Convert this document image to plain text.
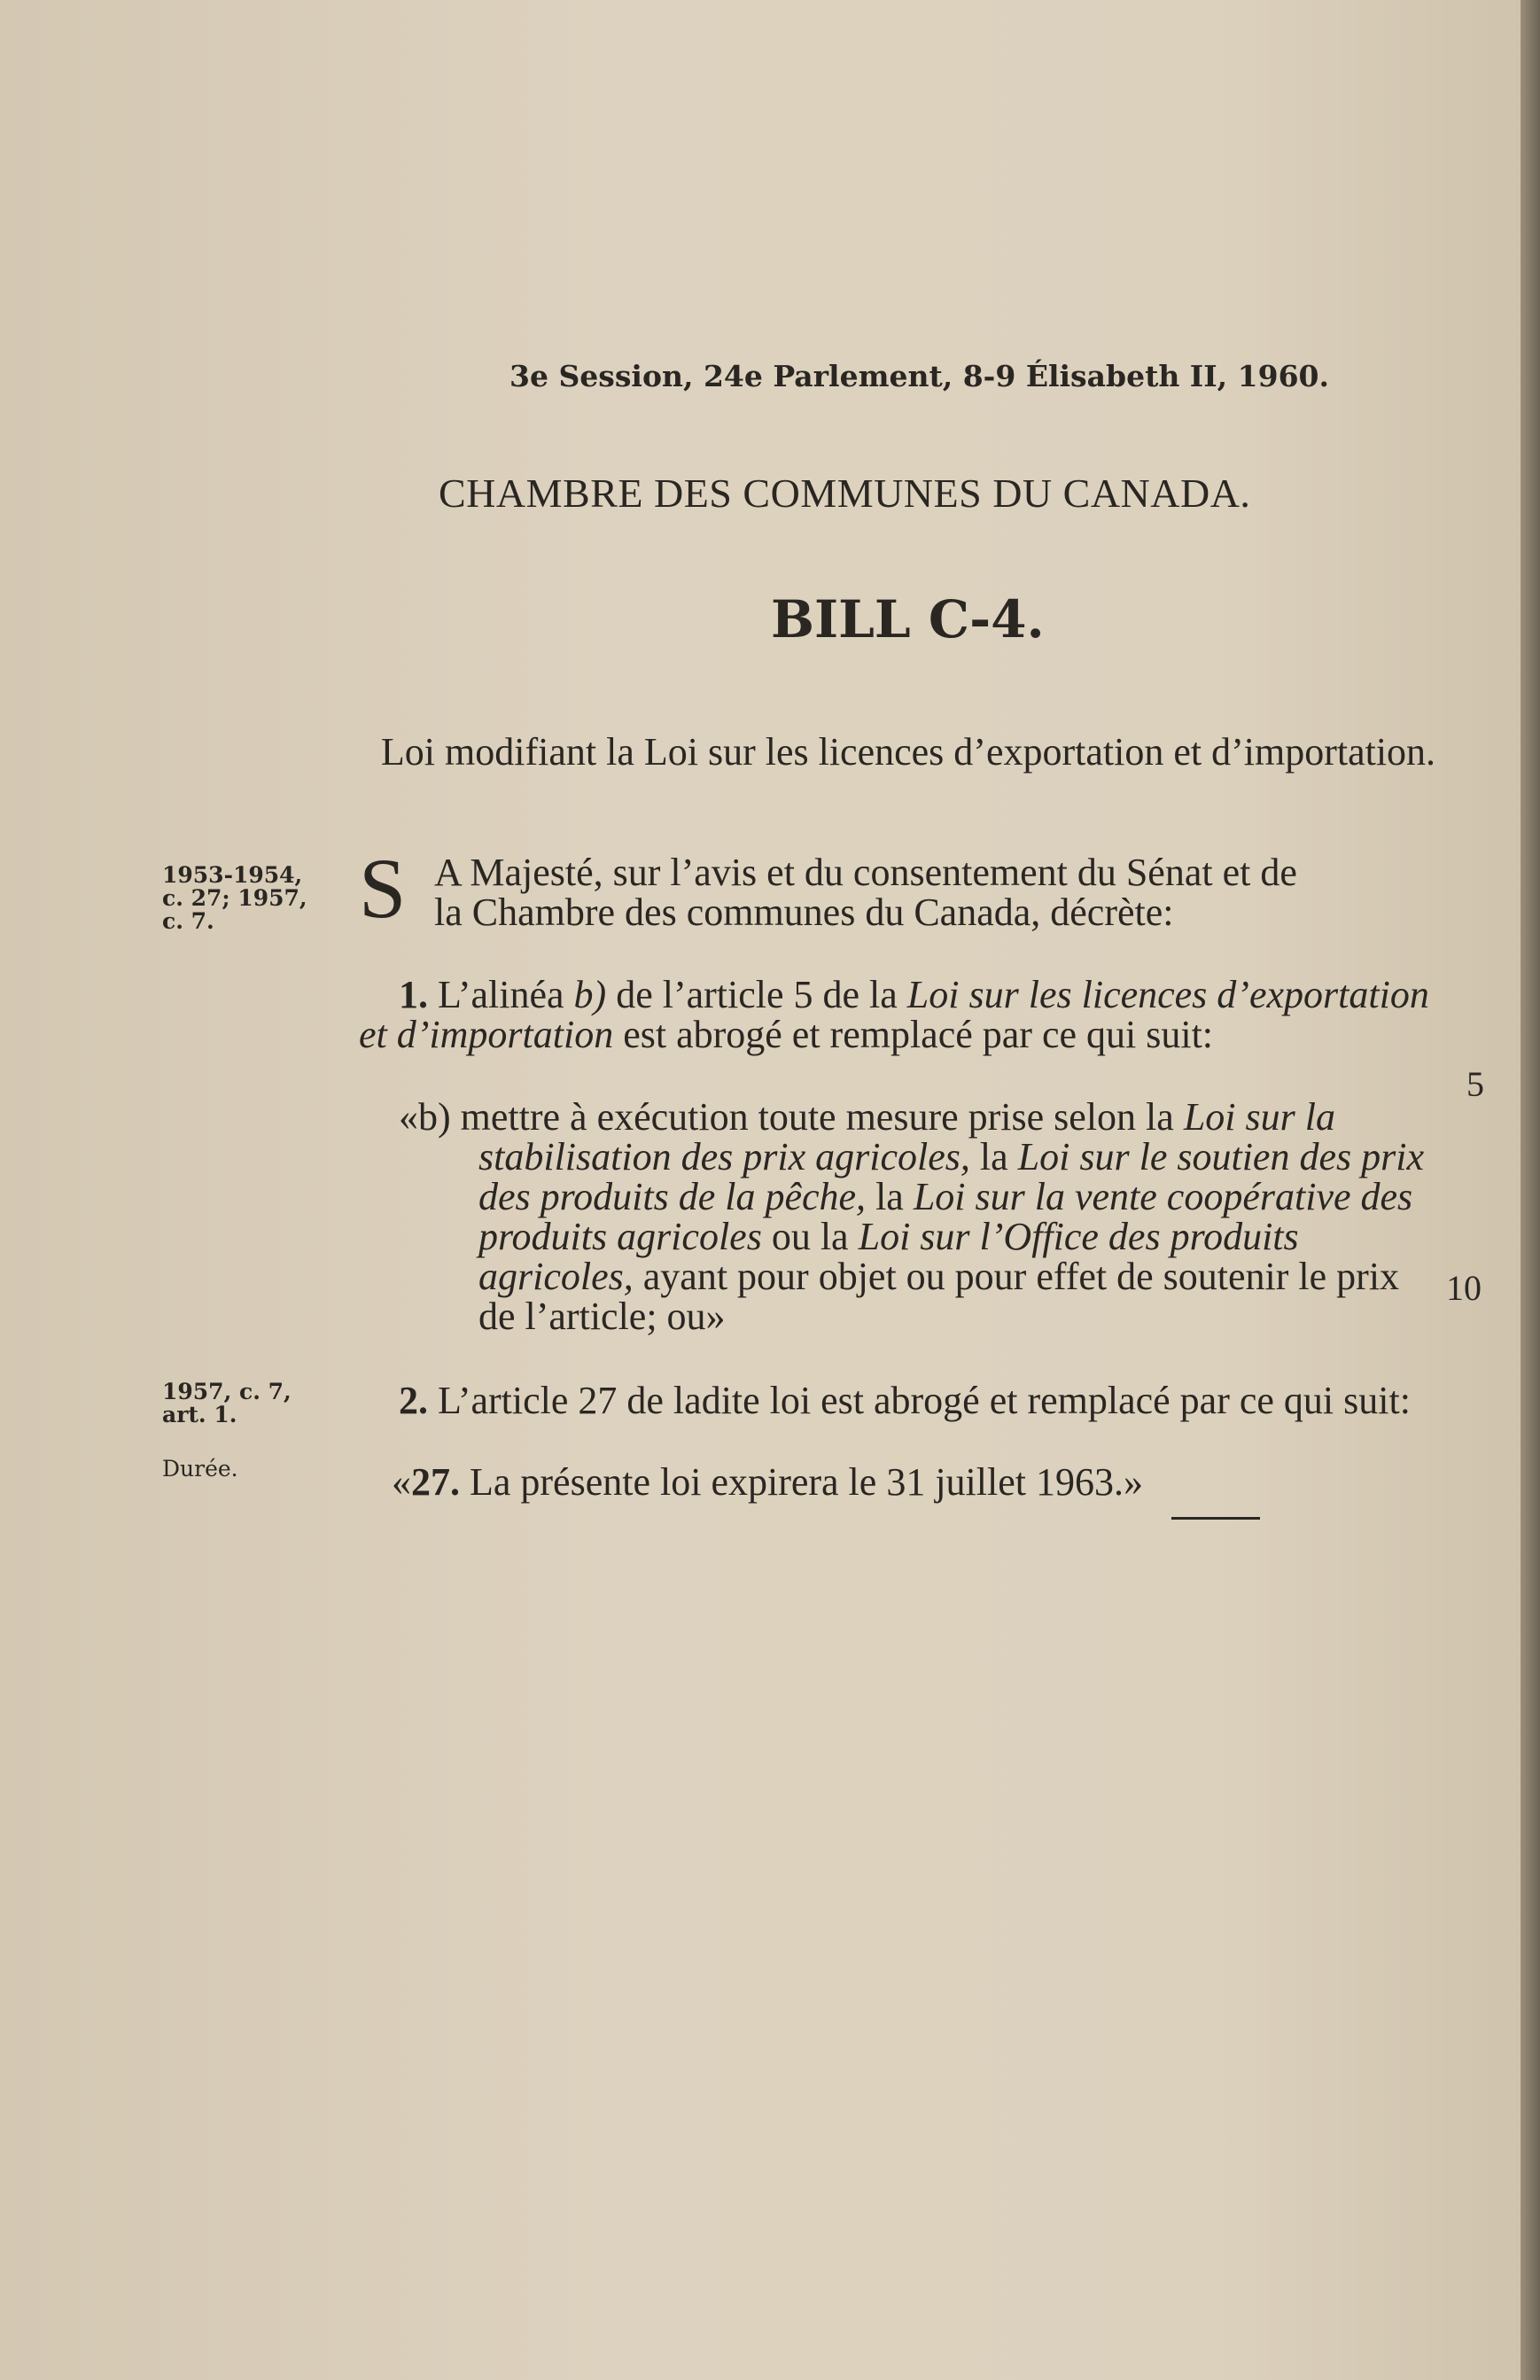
3e Session, 24e Parlement, 8-9 Élisabeth II, 1960.
CHAMBRE DES COMMUNES DU CANADA.
BILL C-4.
Loi modifiant la Loi sur les licences d’exportation et d’importation.
1953-1954, c. 27; 1957, c. 7.
1957, c. 7, art. 1.
Durée.
S A Majesté, sur l’avis et du consentement du Sénat et de
la Chambre des communes du Canada, décrète:
1. L’alinéa b) de l’article 5 de la Loi sur les licences d’exportation et d’importation est abrogé et remplacé par ce qui suit:
«b) mettre à exécution toute mesure prise selon la Loi sur la stabilisation des prix agricoles, la Loi sur le soutien des prix des produits de la pêche, la Loi sur la vente coopérative des produits agricoles ou la Loi sur l’Office des produits agricoles, ayant pour objet ou pour effet de soutenir le prix de l’article; ou»
2. L’article 27 de ladite loi est abrogé et remplacé par ce qui suit:
«27. La présente loi expirera le 31 juillet 1963.»
5
10
